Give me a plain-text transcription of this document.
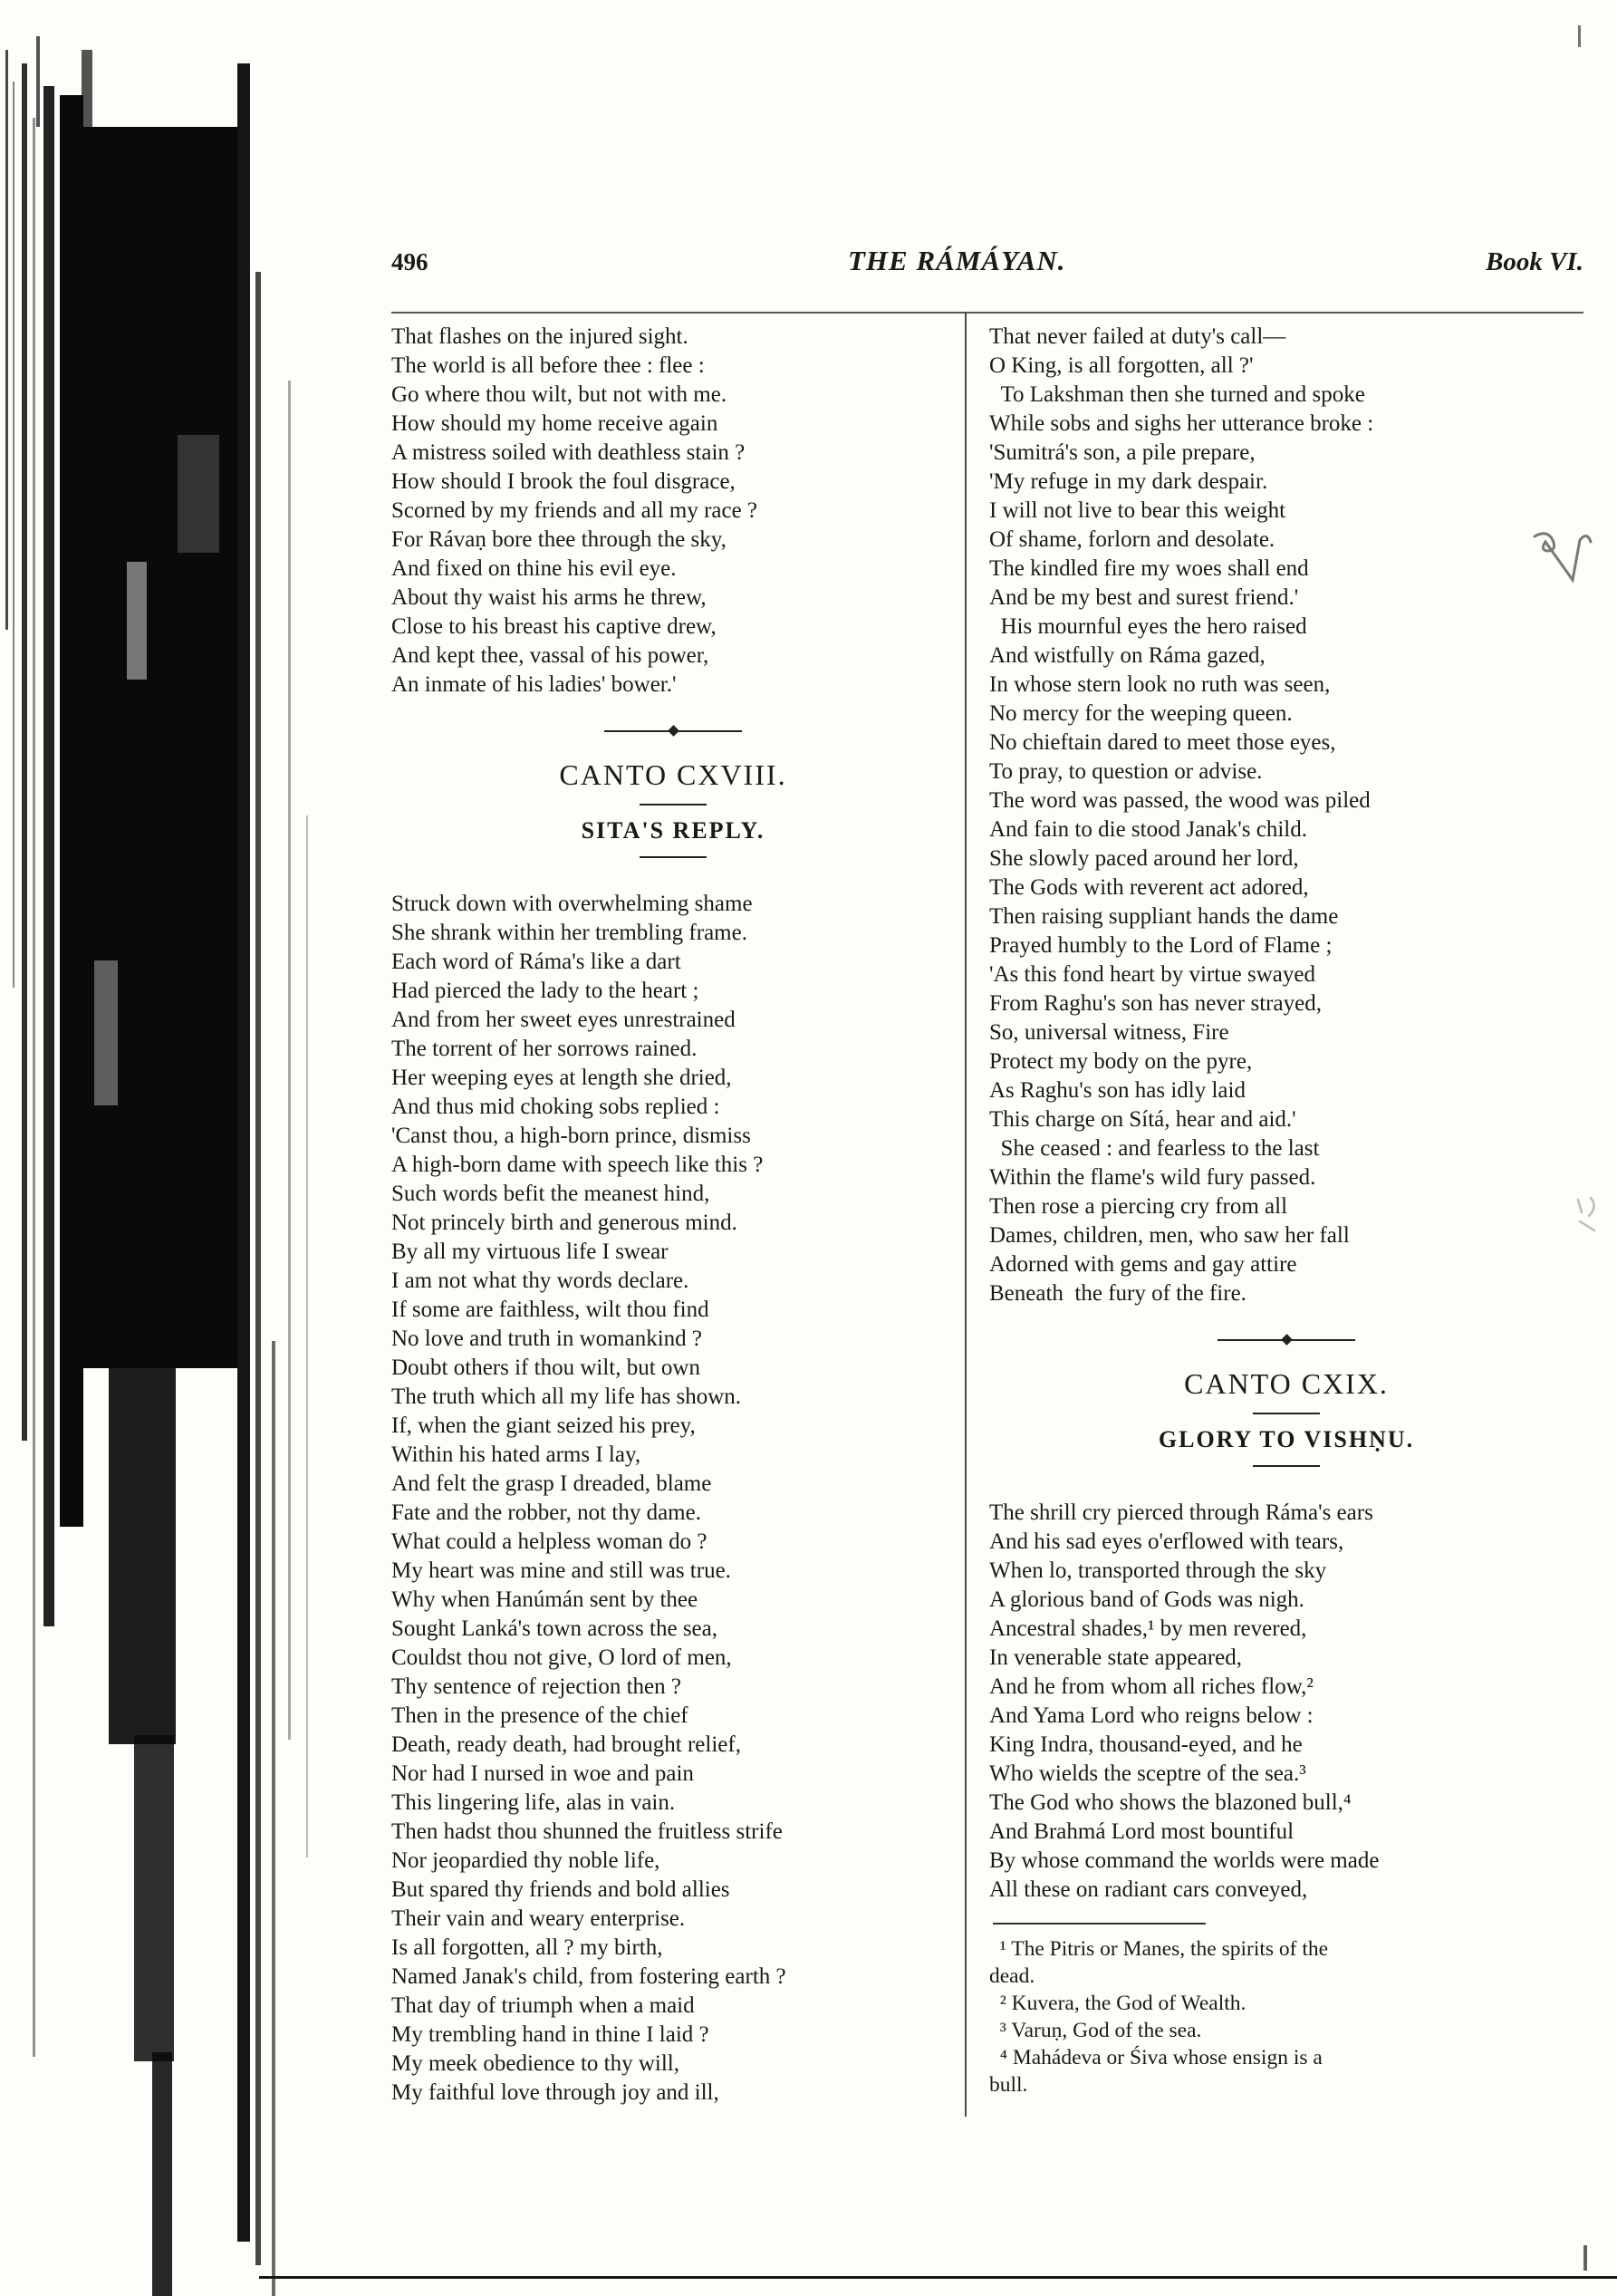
496	THE RÁMÁYAN.	Book VI.
That flashes on the injured sight.
The world is all before thee : flee :
Go where thou wilt, but not with me.
How should my home receive again
A mistress soiled with deathless stain ?
How should I brook the foul disgrace,
Scorned by my friends and all my race ?
For Rávaṇ bore thee through the sky,
And fixed on thine his evil eye.
About thy waist his arms he threw,
Close to his breast his captive drew,
And kept thee, vassal of his power,
An inmate of his ladies' bower.'
CANTO CXVIII.
SITA'S REPLY.
Struck down with overwhelming shame
She shrank within her trembling frame.
Each word of Ráma's like a dart
Had pierced the lady to the heart ;
And from her sweet eyes unrestrained
The torrent of her sorrows rained.
Her weeping eyes at length she dried,
And thus mid choking sobs replied :
'Canst thou, a high-born prince, dismiss
A high-born dame with speech like this ?
Such words befit the meanest hind,
Not princely birth and generous mind.
By all my virtuous life I swear
I am not what thy words declare.
If some are faithless, wilt thou find
No love and truth in womankind ?
Doubt others if thou wilt, but own
The truth which all my life has shown.
If, when the giant seized his prey,
Within his hated arms I lay,
And felt the grasp I dreaded, blame
Fate and the robber, not thy dame.
What could a helpless woman do ?
My heart was mine and still was true.
Why when Hanúmán sent by thee
Sought Lanká's town across the sea,
Couldst thou not give, O lord of men,
Thy sentence of rejection then ?
Then in the presence of the chief
Death, ready death, had brought relief,
Nor had I nursed in woe and pain
This lingering life, alas in vain.
Then hadst thou shunned the fruitless strife
Nor jeopardied thy noble life,
But spared thy friends and bold allies
Their vain and weary enterprise.
Is all forgotten, all ? my birth,
Named Janak's child, from fostering earth ?
That day of triumph when a maid
My trembling hand in thine I laid ?
My meek obedience to thy will,
My faithful love through joy and ill,
That never failed at duty's call—
O King, is all forgotten, all ?'
To Lakshman then she turned and spoke
While sobs and sighs her utterance broke :
'Sumitrá's son, a pile prepare,
'My refuge in my dark despair.
I will not live to bear this weight
Of shame, forlorn and desolate.
The kindled fire my woes shall end
And be my best and surest friend.'
His mournful eyes the hero raised
And wistfully on Ráma gazed,
In whose stern look no ruth was seen,
No mercy for the weeping queen.
No chieftain dared to meet those eyes,
To pray, to question or advise.
The word was passed, the wood was piled
And fain to die stood Janak's child.
She slowly paced around her lord,
The Gods with reverent act adored,
Then raising suppliant hands the dame
Prayed humbly to the Lord of Flame ;
'As this fond heart by virtue swayed
From Raghu's son has never strayed,
So, universal witness, Fire
Protect my body on the pyre,
As Raghu's son has idly laid
This charge on Sítá, hear and aid.'
She ceased : and fearless to the last
Within the flame's wild fury passed.
Then rose a piercing cry from all
Dames, children, men, who saw her fall
Adorned with gems and gay attire
Beneath  the fury of the fire.
CANTO CXIX.
GLORY TO VISHṆU.
The shrill cry pierced through Ráma's ears
And his sad eyes o'erflowed with tears,
When lo, transported through the sky
A glorious band of Gods was nigh.
Ancestral shades,¹ by men revered,
In venerable state appeared,
And he from whom all riches flow,²
And Yama Lord who reigns below :
King Indra, thousand-eyed, and he
Who wields the sceptre of the sea.³
The God who shows the blazoned bull,⁴
And Brahmá Lord most bountiful
By whose command the worlds were made
All these on radiant cars conveyed,
¹ The Pitris or Manes, the spirits of the
dead.
² Kuvera, the God of Wealth.
³ Varuṇ, God of the sea.
⁴ Mahádeva or Śiva whose ensign is a
bull.
